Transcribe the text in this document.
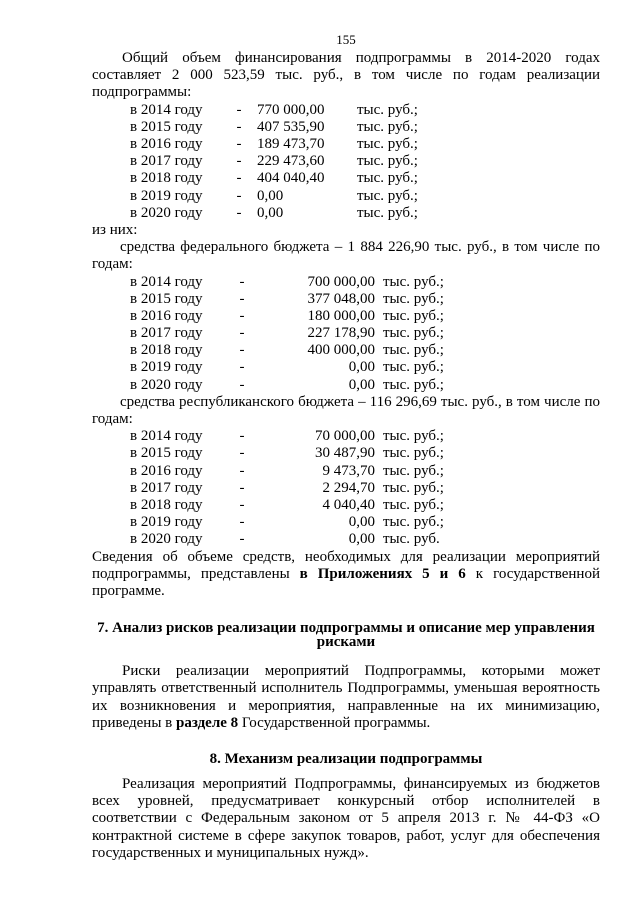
155

Общий объем финансирования подпрограммы в 2014-2020 годах составляет 2 000 523,59 тыс. руб., в том числе по годам реализации подпрограммы:

в 2014 году	-	770 000,00	тыс. руб.;
в 2015 году	-	407 535,90	тыс. руб.;
в 2016 году	-	189 473,70	тыс. руб.;
в 2017 году	-	229 473,60	тыс. руб.;
в 2018 году	-	404 040,40	тыс. руб.;
в 2019 году	-	0,00	тыс. руб.;
в 2020 году	-	0,00	тыс. руб.;

из них:

средства федерального бюджета – 1 884 226,90 тыс. руб., в том числе по годам:

в 2014 году	-	700 000,00 тыс. руб.;
в 2015 году	-	377 048,00 тыс. руб.;
в 2016 году	-	180 000,00 тыс. руб.;
в 2017 году	-	227 178,90 тыс. руб.;
в 2018 году	-	400 000,00 тыс. руб.;
в 2019 году	-	0,00 тыс. руб.;
в 2020 году	-	0,00 тыс. руб.;

средства республиканского бюджета – 116 296,69 тыс. руб., в том числе по годам:

в 2014 году	-	70 000,00 тыс. руб.;
в 2015 году	-	30 487,90 тыс. руб.;
в 2016 году	-	9 473,70 тыс. руб.;
в 2017 году	-	2 294,70 тыс. руб.;
в 2018 году	-	4 040,40 тыс. руб.;
в 2019 году	-	0,00 тыс. руб.;
в 2020 году	-	0,00 тыс. руб.

Сведения об объеме средств, необходимых для реализации мероприятий подпрограммы, представлены в Приложениях 5 и 6 к государственной программе.

7. Анализ рисков реализации подпрограммы и описание мер управления рисками

Риски реализации мероприятий Подпрограммы, которыми может управлять ответственный исполнитель Подпрограммы, уменьшая вероятность их возникновения и мероприятия, направленные на их минимизацию, приведены в разделе 8 Государственной программы.

8. Механизм реализации подпрограммы

Реализация мероприятий Подпрограммы, финансируемых из бюджетов всех уровней, предусматривает конкурсный отбор исполнителей в соответствии с Федеральным законом от 5 апреля 2013 г. № 44-ФЗ «О контрактной системе в сфере закупок товаров, работ, услуг для обеспечения государственных и муниципальных нужд».
